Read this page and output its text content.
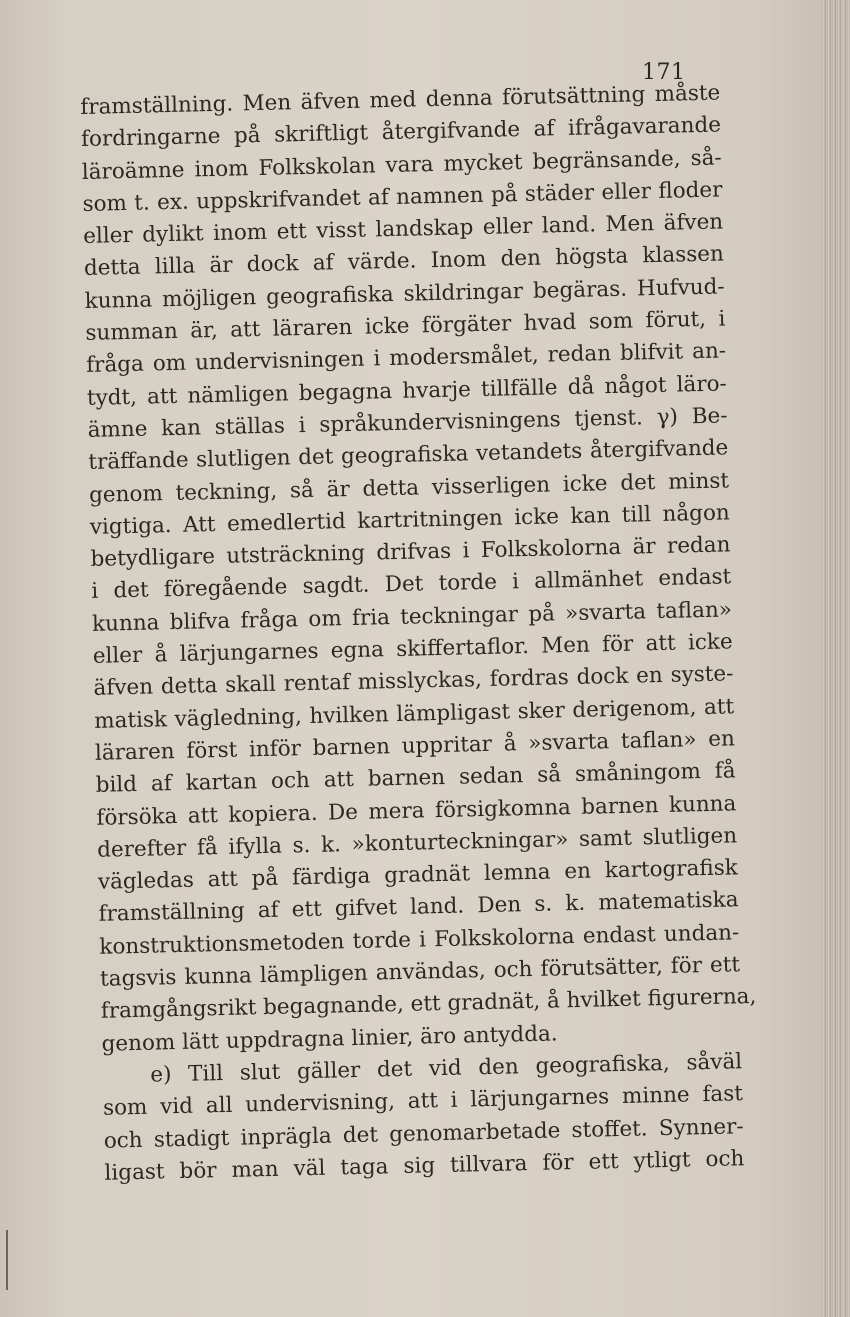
171
framställning. Men äfven med denna förutsättning måste
fordringarne på skriftligt återgifvande af ifrågavarande
läroämne inom Folkskolan vara mycket begränsande, så-
som t. ex. uppskrifvandet af namnen på städer eller floder
eller dylikt inom ett visst landskap eller land. Men äfven
detta lilla är dock af värde. Inom den högsta klassen
kunna möjligen geografiska skildringar begäras. Hufvud-
summan är, att läraren icke förgäter hvad som förut, i
fråga om undervisningen i modersmålet, redan blifvit an-
tydt, att nämligen begagna hvarje tillfälle då något läro-
ämne kan ställas i språkundervisningens tjenst. γ) Be-
träffande slutligen det geografiska vetandets återgifvande
genom teckning, så är detta visserligen icke det minst
vigtiga. Att emedlertid kartritningen icke kan till någon
betydligare utsträckning drifvas i Folkskolorna är redan
i det föregående sagdt. Det torde i allmänhet endast
kunna blifva fråga om fria teckningar på »svarta taflan»
eller å lärjungarnes egna skiffertaflor. Men för att icke
äfven detta skall rentaf misslyckas, fordras dock en syste-
matisk vägledning, hvilken lämpligast sker derigenom, att
läraren först inför barnen uppritar å »svarta taflan» en
bild af kartan och att barnen sedan så småningom få
försöka att kopiera. De mera försigkomna barnen kunna
derefter få ifylla s. k. »konturteckningar» samt slutligen
vägledas att på färdiga gradnät lemna en kartografisk
framställning af ett gifvet land. Den s. k. matematiska
konstruktionsmetoden torde i Folkskolorna endast undan-
tagsvis kunna lämpligen användas, och förutsätter, för ett
framgångsrikt begagnande, ett gradnät, å hvilket figurerna,
genom lätt uppdragna linier, äro antydda.
e) Till slut gäller det vid den geografiska, såväl
som vid all undervisning, att i lärjungarnes minne fast
och stadigt inprägla det genomarbetade stoffet. Synner-
ligast bör man väl taga sig tillvara för ett ytligt och
